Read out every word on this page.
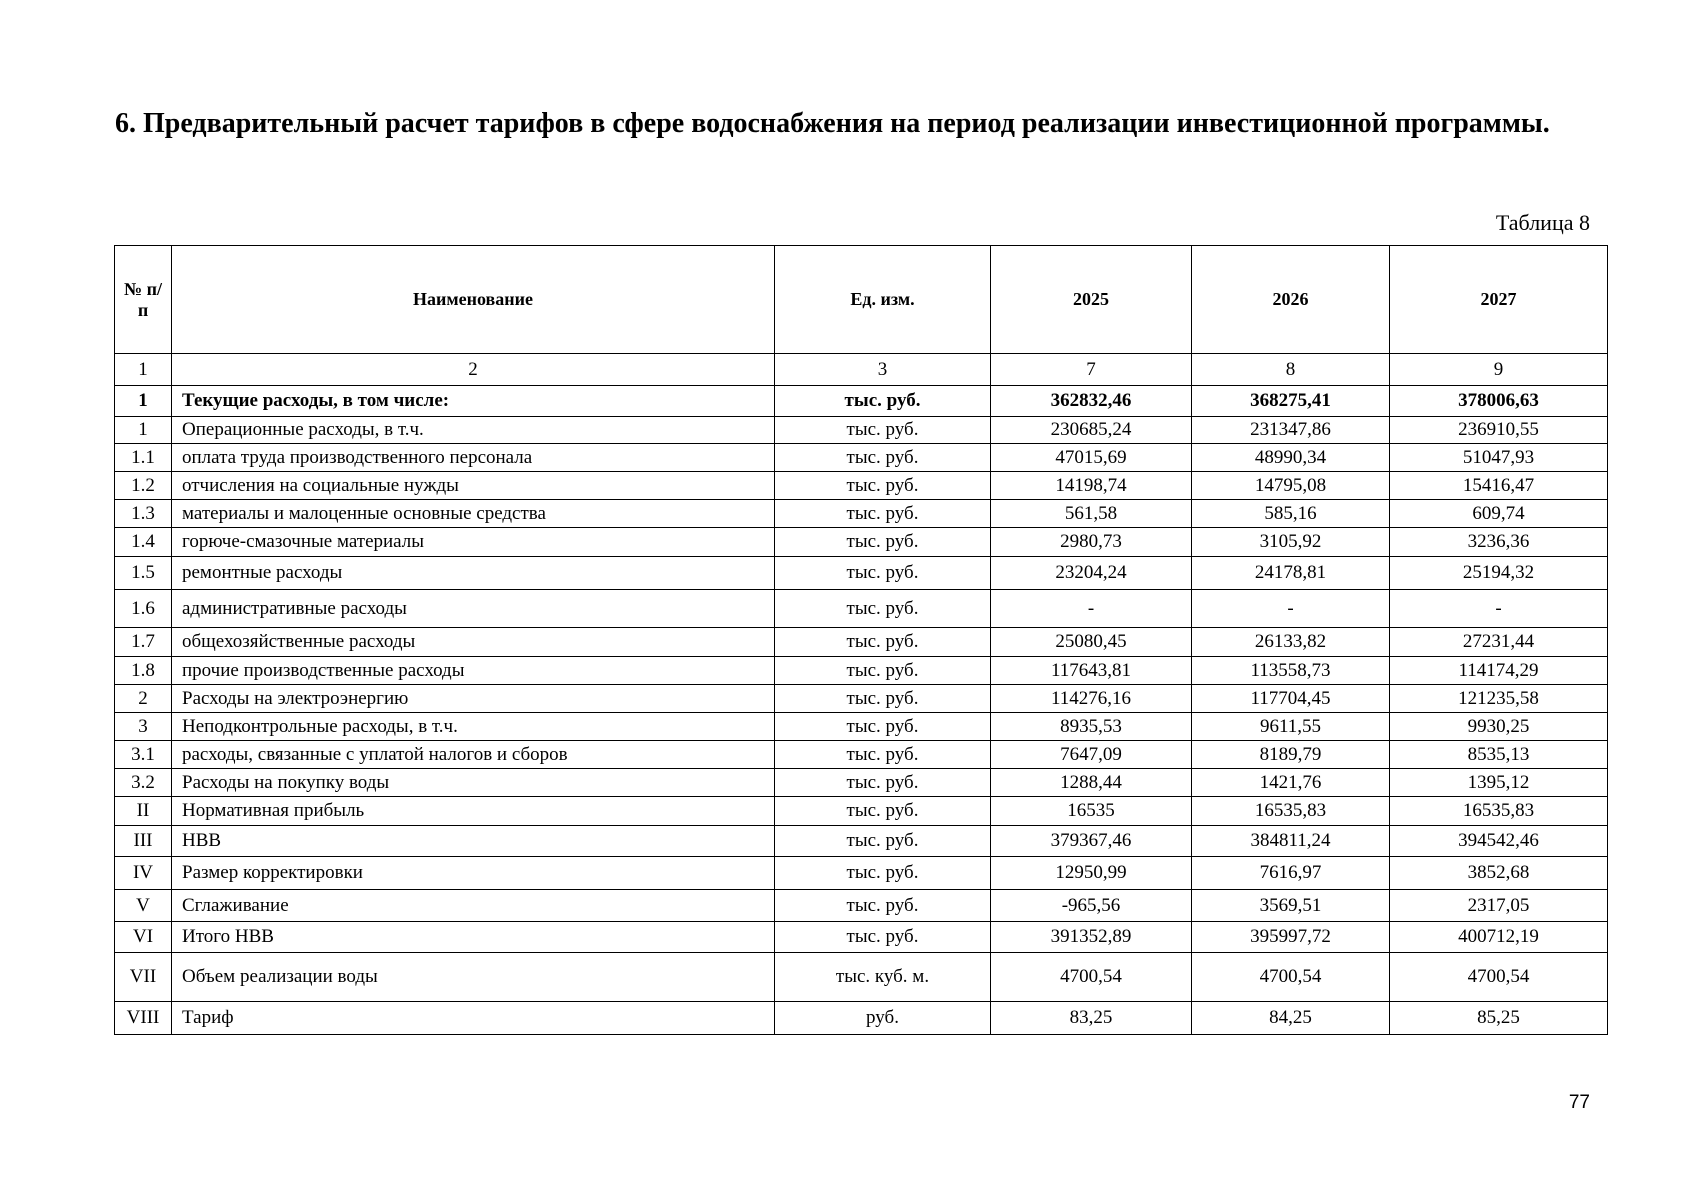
6. Предварительный расчет тарифов в сфере водоснабжения на период реализации инвестиционной программы.
Таблица 8
№ п/п	Наименование	Ед. изм.	2025	2026	2027
1	2	3	7	8	9
1	Текущие расходы, в том числе:	тыс. руб.	362832,46	368275,41	378006,63
1	Операционные расходы, в т.ч.	тыс. руб.	230685,24	231347,86	236910,55
1.1	оплата труда производственного персонала	тыс. руб.	47015,69	48990,34	51047,93
1.2	отчисления на социальные нужды	тыс. руб.	14198,74	14795,08	15416,47
1.3	материалы и малоценные основные средства	тыс. руб.	561,58	585,16	609,74
1.4	горюче-смазочные материалы	тыс. руб.	2980,73	3105,92	3236,36
1.5	ремонтные расходы	тыс. руб.	23204,24	24178,81	25194,32
1.6	административные расходы	тыс. руб.	-	-	-
1.7	общехозяйственные расходы	тыс. руб.	25080,45	26133,82	27231,44
1.8	прочие производственные расходы	тыс. руб.	117643,81	113558,73	114174,29
2	Расходы на электроэнергию	тыс. руб.	114276,16	117704,45	121235,58
3	Неподконтрольные расходы, в т.ч.	тыс. руб.	8935,53	9611,55	9930,25
3.1	расходы, связанные с уплатой налогов и сборов	тыс. руб.	7647,09	8189,79	8535,13
3.2	Расходы на покупку воды	тыс. руб.	1288,44	1421,76	1395,12
II	Нормативная прибыль	тыс. руб.	16535	16535,83	16535,83
III	НВВ	тыс. руб.	379367,46	384811,24	394542,46
IV	Размер корректировки	тыс. руб.	12950,99	7616,97	3852,68
V	Сглаживание	тыс. руб.	-965,56	3569,51	2317,05
VI	Итого НВВ	тыс. руб.	391352,89	395997,72	400712,19
VII	Объем реализации воды	тыс. куб. м.	4700,54	4700,54	4700,54
VIII	Тариф	руб.	83,25	84,25	85,25
77
